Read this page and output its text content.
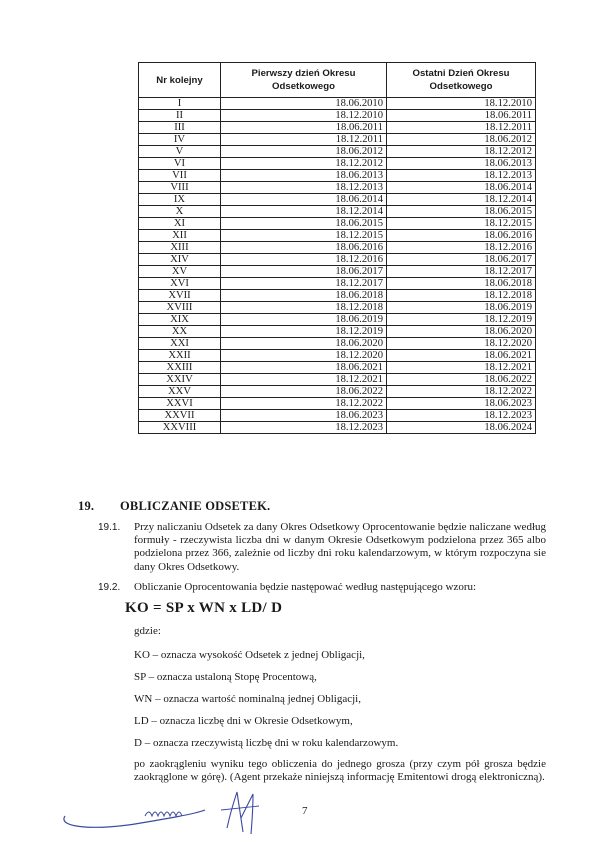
Nr kolejny	Pierwszy dzień Okresu Odsetkowego	Ostatni Dzień Okresu Odsetkowego
I	18.06.2010	18.12.2010
II	18.12.2010	18.06.2011
III	18.06.2011	18.12.2011
IV	18.12.2011	18.06.2012
V	18.06.2012	18.12.2012
VI	18.12.2012	18.06.2013
VII	18.06.2013	18.12.2013
VIII	18.12.2013	18.06.2014
IX	18.06.2014	18.12.2014
X	18.12.2014	18.06.2015
XI	18.06.2015	18.12.2015
XII	18.12.2015	18.06.2016
XIII	18.06.2016	18.12.2016
XIV	18.12.2016	18.06.2017
XV	18.06.2017	18.12.2017
XVI	18.12.2017	18.06.2018
XVII	18.06.2018	18.12.2018
XVIII	18.12.2018	18.06.2019
XIX	18.06.2019	18.12.2019
XX	18.12.2019	18.06.2020
XXI	18.06.2020	18.12.2020
XXII	18.12.2020	18.06.2021
XXIII	18.06.2021	18.12.2021
XXIV	18.12.2021	18.06.2022
XXV	18.06.2022	18.12.2022
XXVI	18.12.2022	18.06.2023
XXVII	18.06.2023	18.12.2023
XXVIII	18.12.2023	18.06.2024
19. OBLICZANIE ODSETEK.
19.1. Przy naliczaniu Odsetek za dany Okres Odsetkowy Oprocentowanie będzie naliczane według formuły - rzeczywista liczba dni w danym Okresie Odsetkowym podzielona przez 365 albo podzielona przez 366, zależnie od liczby dni roku kalendarzowym, w którym rozpoczyna sie dany Okres Odsetkowy.
19.2. Obliczanie Oprocentowania będzie następować według następującego wzoru:
KO = SP x WN x LD/ D
gdzie:
KO – oznacza wysokość Odsetek z jednej Obligacji,
SP – oznacza ustaloną Stopę Procentową,
WN – oznacza wartość nominalną jednej Obligacji,
LD – oznacza liczbę dni w Okresie Odsetkowym,
D – oznacza rzeczywistą liczbę dni w roku kalendarzowym.
po zaokrągleniu wyniku tego obliczenia do jednego grosza (przy czym pół grosza będzie zaokrąglone w górę). (Agent przekaże niniejszą informację Emitentowi drogą elektroniczną).
7
